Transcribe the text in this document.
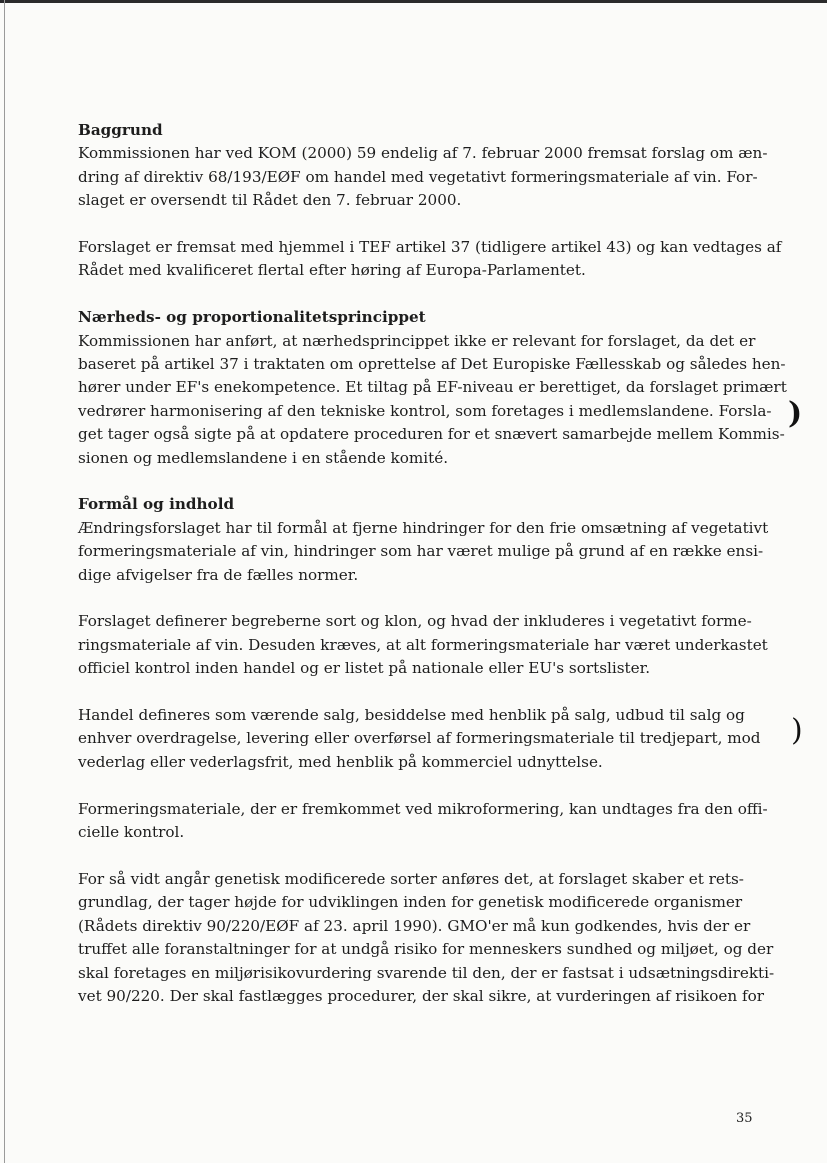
Baggrund

Kommissionen har ved KOM (2000) 59 endelig af 7. februar 2000 fremsat forslag om æn-
dring af direktiv 68/193/EØF om handel med vegetativt formeringsmateriale af vin. For-
slaget er oversendt til Rådet den 7. februar 2000.

Forslaget er fremsat med hjemmel i TEF artikel 37 (tidligere artikel 43) og kan vedtages af
Rådet med kvalificeret flertal efter høring af Europa-Parlamentet.

Nærheds- og proportionalitetsprincippet

Kommissionen har anført, at nærhedsprincippet ikke er relevant for forslaget, da det er
baseret på artikel 37 i traktaten om oprettelse af Det Europiske Fællesskab og således hen-
hører under EF's enekompetence. Et tiltag på EF-niveau er berettiget, da forslaget primært
vedrører harmonisering af den tekniske kontrol, som foretages i medlemslandene. Forsla-
get tager også sigte på at opdatere proceduren for et snævert samarbejde mellem Kommis-
sionen og medlemslandene i en stående komité.

Formål og indhold

Ændringsforslaget har til formål at fjerne hindringer for den frie omsætning af vegetativt
formeringsmateriale af vin, hindringer som har været mulige på grund af en række ensi-
dige afvigelser fra de fælles normer.

Forslaget definerer begreberne sort og klon, og hvad der inkluderes i vegetativt forme-
ringsmateriale af vin. Desuden kræves, at alt formeringsmateriale har været underkastet
officiel kontrol inden handel og er listet på nationale eller EU's sortslister.

Handel defineres som værende salg, besiddelse med henblik på salg, udbud til salg og
enhver overdragelse, levering eller overførsel af formeringsmateriale til tredjepart, mod
vederlag eller vederlagsfrit, med henblik på kommerciel udnyttelse.

Formeringsmateriale, der er fremkommet ved mikroformering, kan undtages fra den offi-
cielle kontrol.

For så vidt angår genetisk modificerede sorter anføres det, at forslaget skaber et rets-
grundlag, der tager højde for udviklingen inden for genetisk modificerede organismer
(Rådets direktiv 90/220/EØF af 23. april 1990). GMO'er må kun godkendes, hvis der er
truffet alle foranstaltninger for at undgå risiko for menneskers sundhed og miljøet, og der
skal foretages en miljørisikovurdering svarende til den, der er fastsat i udsætningsdirekti-
vet 90/220. Der skal fastlægges procedurer, der skal sikre, at vurderingen af risikoen for

)
)
35
